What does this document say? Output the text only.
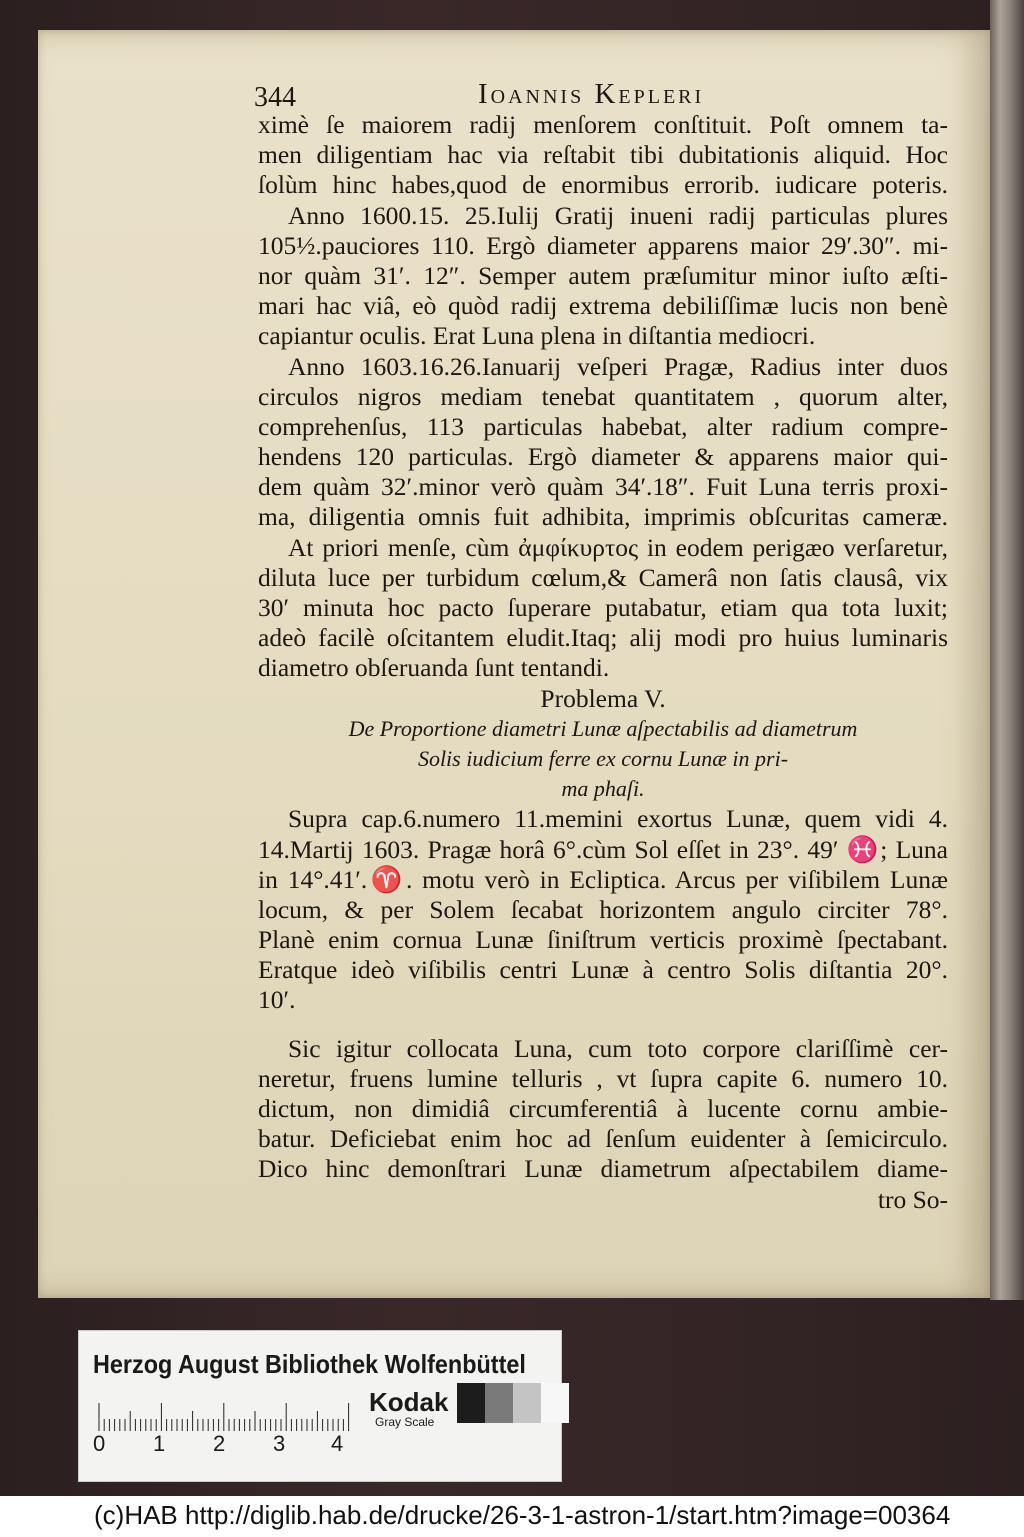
344	Ioannis Kepleri
ximè ſe maiorem radij menſorem conſtituit. Poſt omnem ta-
men diligentiam hac via reſtabit tibi dubitationis aliquid. Hoc
ſolùm hinc habes,quod de enormibus errorib. iudicare poteris.
Anno 1600.15. 25.Iulij Gratij inueni radij particulas plures
105½.pauciores 110. Ergò diameter apparens maior 29′.30″. mi-
nor quàm 31′. 12″. Semper autem præſumitur minor iuſto æſti-
mari hac viâ, eò quòd radij extrema debiliſſimæ lucis non benè
capiantur oculis. Erat Luna plena in diſtantia mediocri.
Anno 1603.16.26.Ianuarij veſperi Pragæ, Radius inter duos
circulos nigros mediam tenebat quantitatem , quorum alter,
comprehenſus, 113 particulas habebat, alter radium compre-
hendens 120 particulas. Ergò diameter & apparens maior qui-
dem quàm 32′.minor verò quàm 34′.18″. Fuit Luna terris proxi-
ma, diligentia omnis fuit adhibita, imprimis obſcuritas cameræ.
At priori menſe, cùm ἀμφίκυρτος in eodem perigæo verſaretur,
diluta luce per turbidum cœlum,& Camerâ non ſatis clausâ, vix
30′ minuta hoc pacto ſuperare putabatur, etiam qua tota luxit;
adeò facilè oſcitantem eludit.Itaq; alij modi pro huius luminaris
diametro obſeruanda ſunt tentandi.
Problema V.
De Proportione diametri Lunæ aſpectabilis ad diametrum
Solis iudicium ferre ex cornu Lunæ in pri-
ma phaſi.
Supra cap.6.numero 11.memini exortus Lunæ, quem vidi 4.
14.Martij 1603. Pragæ horâ 6°.cùm Sol eſſet in 23°. 49′ ♓; Luna
in 14°.41′.♈. motu verò in Ecliptica. Arcus per viſibilem Lunæ
locum, & per Solem ſecabat horizontem angulo circiter 78°.
Planè enim cornua Lunæ ſiniſtrum verticis proximè ſpectabant.
Eratque ideò viſibilis centri Lunæ à centro Solis diſtantia 20°.
10′.
Sic igitur collocata Luna, cum toto corpore clariſſimè cer-
neretur, fruens lumine telluris , vt ſupra capite 6. numero 10.
dictum, non dimidiâ circumferentiâ à lucente cornu ambie-
batur. Deficiebat enim hoc ad ſenſum euidenter à ſemicirculo.
Dico hinc demonſtrari Lunæ diametrum aſpectabilem diame-
tro So-
Herzog August Bibliothek Wolfenbüttel
0 1 2 3 4
Kodak
Gray Scale
(c)HAB http://diglib.hab.de/drucke/26-3-1-astron-1/start.htm?image=00364
